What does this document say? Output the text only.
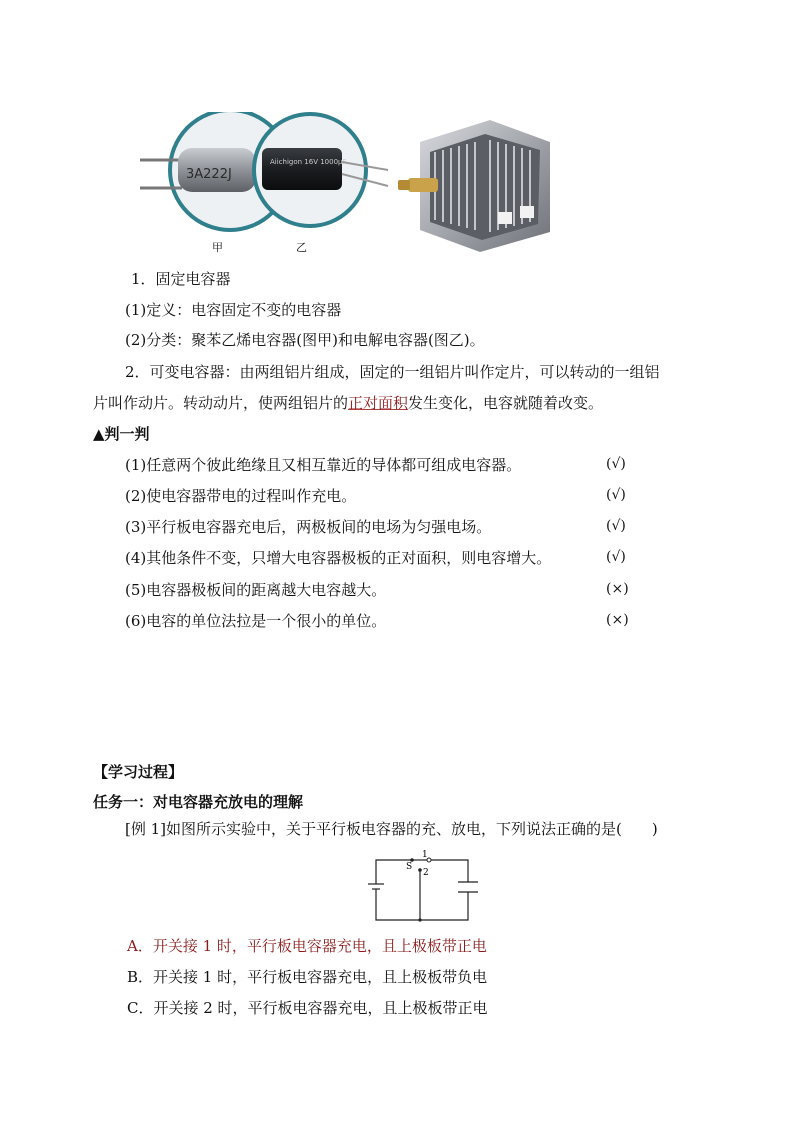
3A222J
Aiichigon 16V 1000μF
甲	乙
1．固定电容器
(1)定义：电容固定不变的电容器
(2)分类：聚苯乙烯电容器(图甲)和电解电容器(图乙)。
2．可变电容器：由两组铝片组成，固定的一组铝片叫作定片，可以转动的一组铝
片叫作动片。转动动片，使两组铝片的正对面积发生变化，电容就随着改变。
▲判一判
(1)任意两个彼此绝缘且又相互靠近的导体都可组成电容器。	(√)
(2)使电容器带电的过程叫作充电。	(√)
(3)平行板电容器充电后，两极板间的电场为匀强电场。	(√)
(4)其他条件不变，只增大电容器极板的正对面积，则电容增大。	(√)
(5)电容器极板间的距离越大电容越大。	(×)
(6)电容的单位法拉是一个很小的单位。	(×)
【学习过程】
任务一：对电容器充放电的理解
[例 1]如图所示实验中，关于平行板电容器的充、放电，下列说法正确的是(　　)
1
S
2
A．开关接 1 时，平行板电容器充电，且上极板带正电
B．开关接 1 时，平行板电容器充电，且上极板带负电
C．开关接 2 时，平行板电容器充电，且上极板带正电
